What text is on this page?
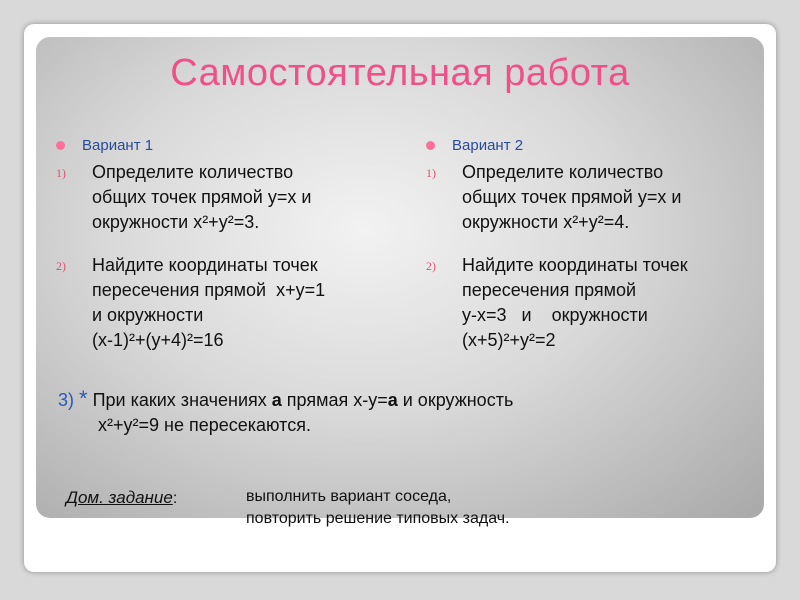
Самостоятельная работа
Вариант 1
1)	Определите количество
общих точек прямой y=x и
окружности x²+y²=3.
2)	Найдите координаты точек
пересечения прямой  x+y=1
и окружности
(x-1)²+(y+4)²=16
Вариант 2
1)	Определите количество
общих точек прямой y=x и
окружности x²+y²=4.
2)	Найдите координаты точек
пересечения прямой
y-x=3   и    окружности
(x+5)²+y²=2
3) * При каких значениях a прямая x-y=a и окружность
x²+y²=9 не пересекаются.
Дом. задание:	выполнить вариант соседа,
повторить решение типовых задач.
